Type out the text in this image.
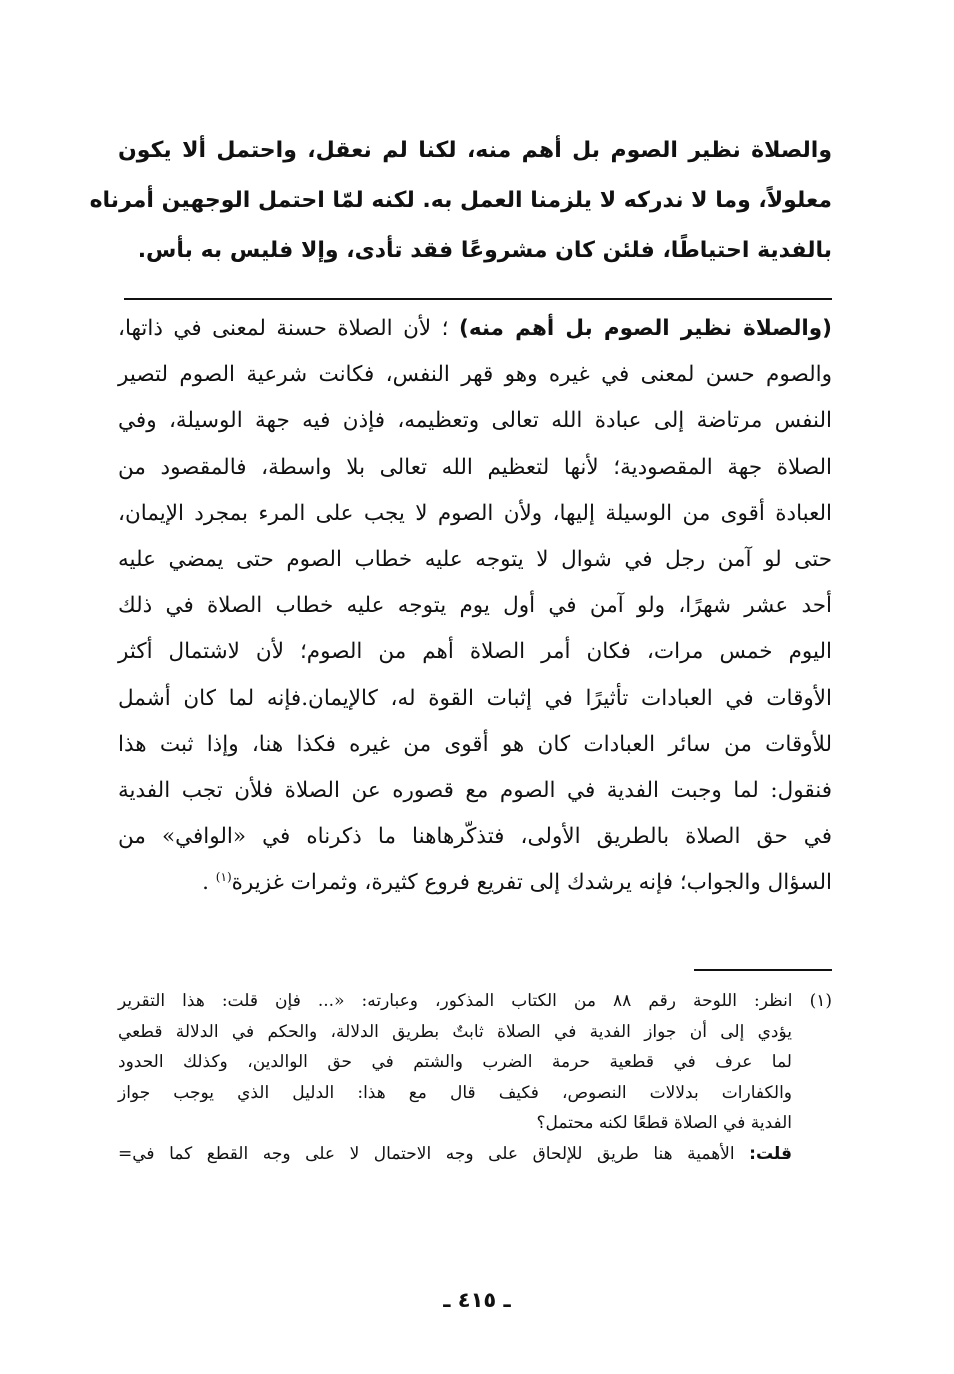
والصلاة نظير الصوم بل أهم منه، لكنا لم نعقل، واحتمل ألا يكون
معلولاً، وما لا ندركه لا يلزمنا العمل به. لكنه لمّا احتمل الوجهين أمرناه
بالفدية احتياطًا، فلئن كان مشروعًا فقد تأدى، وإلا فليس به بأس.
(والصلاة نظير الصوم بل أهم منه) ؛ لأن الصلاة حسنة لمعنى في ذاتها،
والصوم حسن لمعنى في غيره وهو قهر النفس، فكانت شرعية الصوم لتصير
النفس مرتاضة إلى عبادة الله تعالى وتعظيمه، فإذن فيه جهة الوسيلة، وفي
الصلاة جهة المقصودية؛ لأنها لتعظيم الله تعالى بلا واسطة، فالمقصود من
العبادة أقوى من الوسيلة إليها، ولأن الصوم لا يجب على المرء بمجرد الإيمان،
حتى لو آمن رجل في شوال لا يتوجه عليه خطاب الصوم حتى يمضي عليه
أحد عشر شهرًا، ولو آمن في أول يوم يتوجه عليه خطاب الصلاة في ذلك
اليوم خمس مرات، فكان أمر الصلاة أهم من الصوم؛ لأن لاشتمال أكثر
الأوقات في العبادات تأثيرًا في إثبات القوة له، كالإيمان.فإنه لما كان أشمل
للأوقات من سائر العبادات كان هو أقوى من غيره فكذا هنا، وإذا ثبت هذا
فنقول: لما وجبت الفدية في الصوم مع قصوره عن الصلاة فلأن تجب الفدية
في حق الصلاة بالطريق الأولى، فتذكّرهاهنا ما ذكرناه في «الوافي» من
السؤال والجواب؛ فإنه يرشدك إلى تفريع فروع كثيرة، وثمرات غزيرة$^{(١)}$ .
(١) انظر: اللوحة رقم ٨٨ من الكتاب المذكور، وعبارته: «... فإن قلت: هذا التقرير
يؤدي إلى أن جواز الفدية في الصلاة ثابتٌ بطريق الدلالة، والحكم في الدلالة قطعي
لما عرف في قطعية حرمة الضرب والشتم في حق الوالدين، وكذلك الحدود
والكفارات بدلالات النصوص، فكيف قال مع هذا: الدليل الذي يوجب جواز
الفدية في الصلاة قطعًا لكنه محتمل؟
قلت: الأهمية هنا طريق للإلحاق على وجه الاحتمال لا على وجه القطع كما في=
ـ ٤١٥ ـ
